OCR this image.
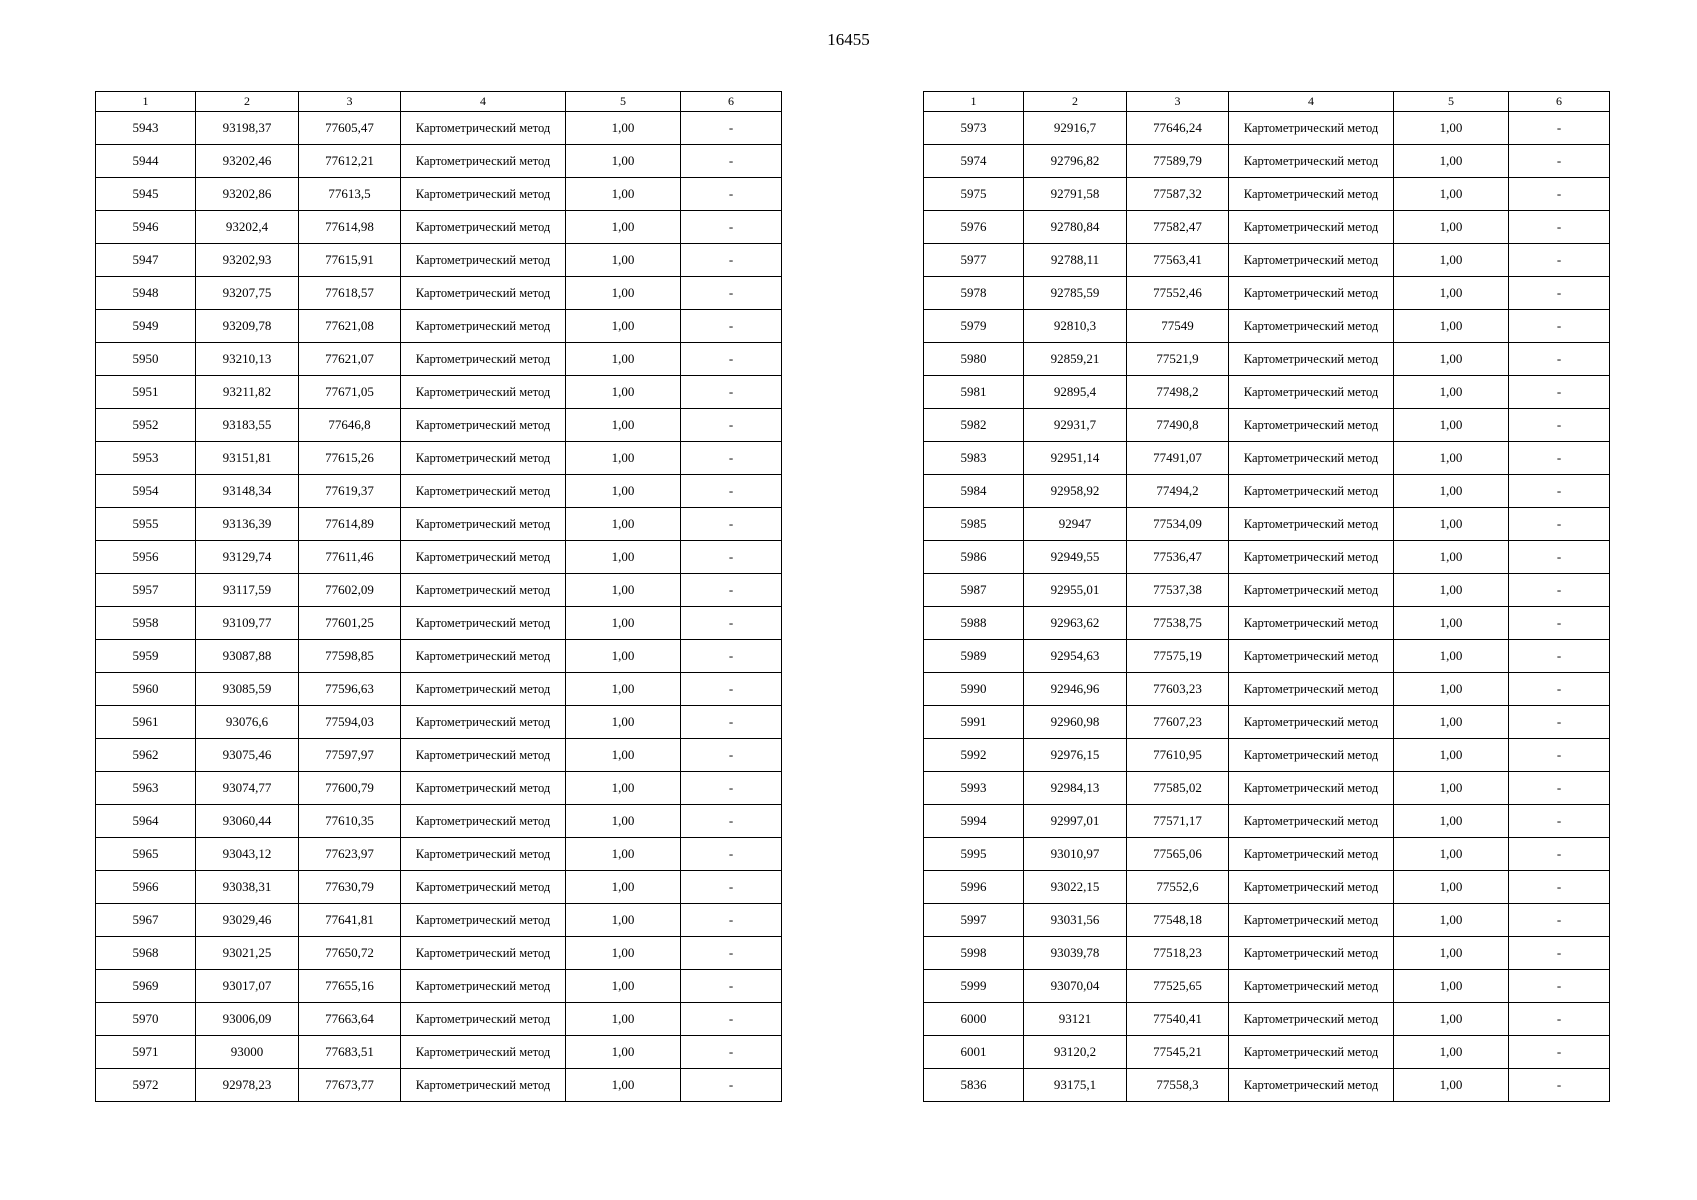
16455
1	2	3	4	5	6
5943	93198,37	77605,47	Картометрический метод	1,00	-
5944	93202,46	77612,21	Картометрический метод	1,00	-
5945	93202,86	77613,5	Картометрический метод	1,00	-
5946	93202,4	77614,98	Картометрический метод	1,00	-
5947	93202,93	77615,91	Картометрический метод	1,00	-
5948	93207,75	77618,57	Картометрический метод	1,00	-
5949	93209,78	77621,08	Картометрический метод	1,00	-
5950	93210,13	77621,07	Картометрический метод	1,00	-
5951	93211,82	77671,05	Картометрический метод	1,00	-
5952	93183,55	77646,8	Картометрический метод	1,00	-
5953	93151,81	77615,26	Картометрический метод	1,00	-
5954	93148,34	77619,37	Картометрический метод	1,00	-
5955	93136,39	77614,89	Картометрический метод	1,00	-
5956	93129,74	77611,46	Картометрический метод	1,00	-
5957	93117,59	77602,09	Картометрический метод	1,00	-
5958	93109,77	77601,25	Картометрический метод	1,00	-
5959	93087,88	77598,85	Картометрический метод	1,00	-
5960	93085,59	77596,63	Картометрический метод	1,00	-
5961	93076,6	77594,03	Картометрический метод	1,00	-
5962	93075,46	77597,97	Картометрический метод	1,00	-
5963	93074,77	77600,79	Картометрический метод	1,00	-
5964	93060,44	77610,35	Картометрический метод	1,00	-
5965	93043,12	77623,97	Картометрический метод	1,00	-
5966	93038,31	77630,79	Картометрический метод	1,00	-
5967	93029,46	77641,81	Картометрический метод	1,00	-
5968	93021,25	77650,72	Картометрический метод	1,00	-
5969	93017,07	77655,16	Картометрический метод	1,00	-
5970	93006,09	77663,64	Картометрический метод	1,00	-
5971	93000	77683,51	Картометрический метод	1,00	-
5972	92978,23	77673,77	Картометрический метод	1,00	-
1	2	3	4	5	6
5973	92916,7	77646,24	Картометрический метод	1,00	-
5974	92796,82	77589,79	Картометрический метод	1,00	-
5975	92791,58	77587,32	Картометрический метод	1,00	-
5976	92780,84	77582,47	Картометрический метод	1,00	-
5977	92788,11	77563,41	Картометрический метод	1,00	-
5978	92785,59	77552,46	Картометрический метод	1,00	-
5979	92810,3	77549	Картометрический метод	1,00	-
5980	92859,21	77521,9	Картометрический метод	1,00	-
5981	92895,4	77498,2	Картометрический метод	1,00	-
5982	92931,7	77490,8	Картометрический метод	1,00	-
5983	92951,14	77491,07	Картометрический метод	1,00	-
5984	92958,92	77494,2	Картометрический метод	1,00	-
5985	92947	77534,09	Картометрический метод	1,00	-
5986	92949,55	77536,47	Картометрический метод	1,00	-
5987	92955,01	77537,38	Картометрический метод	1,00	-
5988	92963,62	77538,75	Картометрический метод	1,00	-
5989	92954,63	77575,19	Картометрический метод	1,00	-
5990	92946,96	77603,23	Картометрический метод	1,00	-
5991	92960,98	77607,23	Картометрический метод	1,00	-
5992	92976,15	77610,95	Картометрический метод	1,00	-
5993	92984,13	77585,02	Картометрический метод	1,00	-
5994	92997,01	77571,17	Картометрический метод	1,00	-
5995	93010,97	77565,06	Картометрический метод	1,00	-
5996	93022,15	77552,6	Картометрический метод	1,00	-
5997	93031,56	77548,18	Картометрический метод	1,00	-
5998	93039,78	77518,23	Картометрический метод	1,00	-
5999	93070,04	77525,65	Картометрический метод	1,00	-
6000	93121	77540,41	Картометрический метод	1,00	-
6001	93120,2	77545,21	Картометрический метод	1,00	-
5836	93175,1	77558,3	Картометрический метод	1,00	-
